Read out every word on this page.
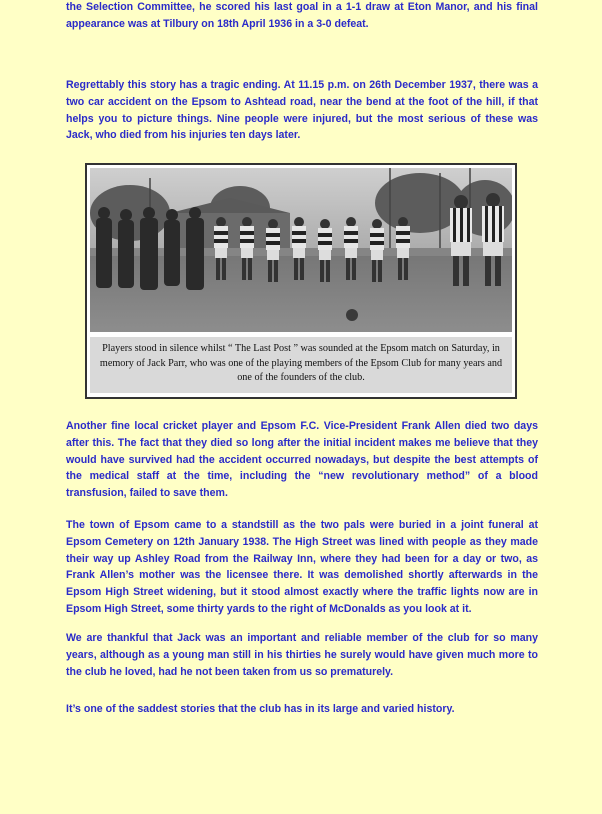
the Selection Committee, he scored his last goal in a 1-1 draw at Eton Manor, and his final appearance was at Tilbury on 18th April 1936 in a 3-0 defeat.

Regrettably this story has a tragic ending. At 11.15 p.m. on 26th December 1937, there was a two car accident on the Epsom to Ashtead road, near the bend at the foot of the hill, if that helps you to picture things. Nine people were injured, but the most serious of these was Jack, who died from his injuries ten days later.

Players stood in silence whilst “ The Last Post ” was sounded at the Epsom match on Saturday, in memory of Jack Parr, who was one of the playing members of the Epsom Club for many years and one of the founders of the club.

Another fine local cricket player and Epsom F.C. Vice-President Frank Allen died two days after this. The fact that they died so long after the initial incident makes me believe that they would have survived had the accident occurred nowadays, but despite the best attempts of the medical staff at the time, including the “new revolutionary method” of a blood transfusion, failed to save them.

The town of Epsom came to a standstill as the two pals were buried in a joint funeral at Epsom Cemetery on 12th January 1938. The High Street was lined with people as they made their way up Ashley Road from the Railway Inn, where they had been for a day or two, as Frank Allen’s mother was the licensee there. It was demolished shortly afterwards in the Epsom High Street widening, but it stood almost exactly where the traffic lights now are in Epsom High Street, some thirty yards to the right of McDonalds as you look at it.

We are thankful that Jack was an important and reliable member of the club for so many years, although as a young man still in his thirties he surely would have given much more to the club he loved, had he not been taken from us so prematurely.

It’s one of the saddest stories that the club has in its large and varied history.
